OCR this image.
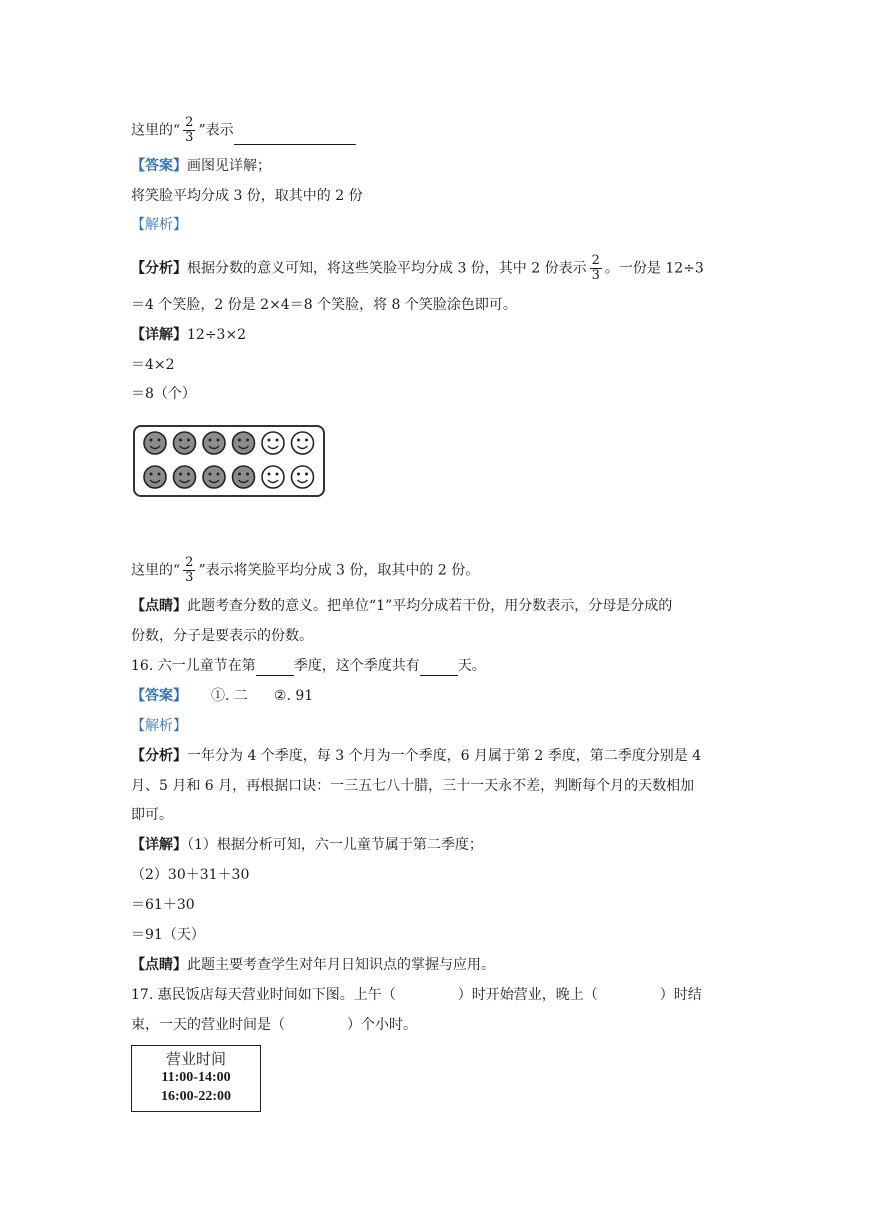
这里的“ $\frac{2}{3}$ ”表示
【答案】画图见详解；
将笑脸平均分成 3 份，取其中的 2 份
【解析】
【分析】根据分数的意义可知，将这些笑脸平均分成 3 份，其中 2 份表示 $\frac{2}{3}$ 。一份是 12÷3
＝4 个笑脸，2 份是 2×4＝8 个笑脸，将 8 个笑脸涂色即可。
【详解】12÷3×2
＝4×2
＝8（个）
这里的“ $\frac{2}{3}$ ”表示将笑脸平均分成 3 份，取其中的 2 份。
【点睛】此题考查分数的意义。把单位“1”平均分成若干份，用分数表示，分母是分成的
份数，分子是要表示的份数。
16. 六一儿童节在第	季度，这个季度共有	天。
【答案】 ①. 二 ②. 91
【解析】
【分析】一年分为 4 个季度，每 3 个月为一个季度，6 月属于第 2 季度，第二季度分别是 4
月、5 月和 6 月，再根据口诀：一三五七八十腊，三十一天永不差，判断每个月的天数相加
即可。
【详解】（1）根据分析可知，六一儿童节属于第二季度；
（2）30＋31＋30
＝61＋30
＝91（天）
【点睛】此题主要考查学生对年月日知识点的掌握与应用。
17. 惠民饭店每天营业时间如下图。上午（	）时开始营业，晚上（	）时结
束，一天的营业时间是（	）个小时。
营业时间
11:00-14:00
16:00-22:00
